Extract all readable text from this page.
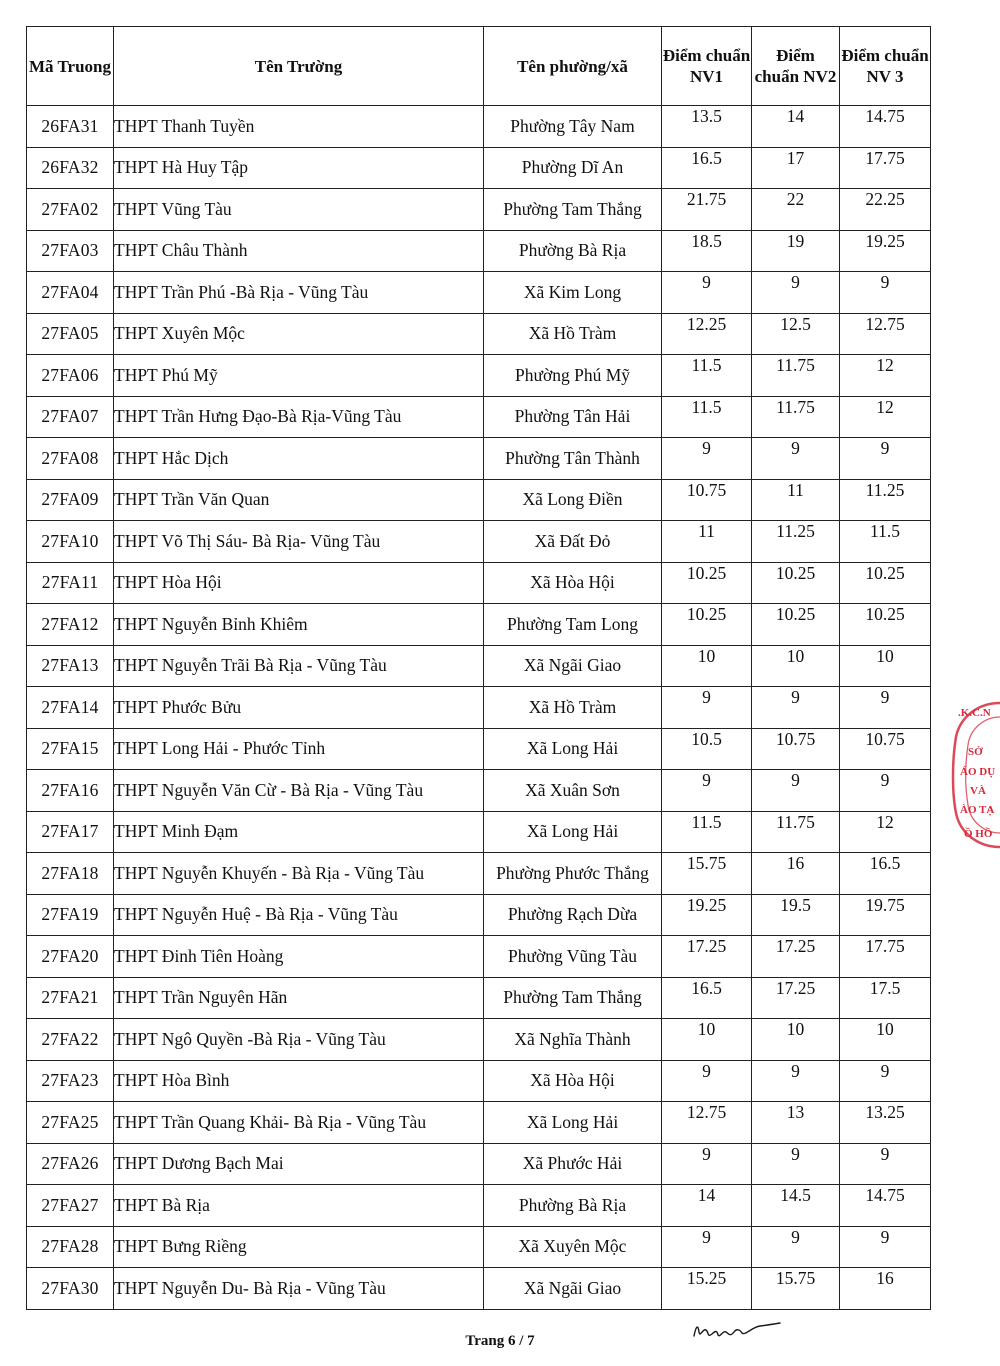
Mã Truong	Tên Trường	Tên phường/xã	Điểm chuẩn NV1	Điểm chuẩn NV2	Điểm chuẩn NV 3
26FA31	THPT Thanh Tuyền	Phường Tây Nam	13.5	14	14.75
26FA32	THPT Hà Huy Tập	Phường Dĩ An	16.5	17	17.75
27FA02	THPT Vũng Tàu	Phường Tam Thắng	21.75	22	22.25
27FA03	THPT Châu Thành	Phường Bà Rịa	18.5	19	19.25
27FA04	THPT Trần Phú -Bà Rịa - Vũng Tàu	Xã Kim Long	9	9	9
27FA05	THPT Xuyên Mộc	Xã Hồ Tràm	12.25	12.5	12.75
27FA06	THPT Phú Mỹ	Phường Phú Mỹ	11.5	11.75	12
27FA07	THPT Trần Hưng Đạo-Bà Rịa-Vũng Tàu	Phường Tân Hải	11.5	11.75	12
27FA08	THPT Hắc Dịch	Phường Tân Thành	9	9	9
27FA09	THPT Trần Văn Quan	Xã Long Điền	10.75	11	11.25
27FA10	THPT Võ Thị Sáu- Bà Rịa- Vũng Tàu	Xã Đất Đỏ	11	11.25	11.5
27FA11	THPT Hòa Hội	Xã Hòa Hội	10.25	10.25	10.25
27FA12	THPT Nguyễn Bỉnh Khiêm	Phường Tam Long	10.25	10.25	10.25
27FA13	THPT Nguyễn Trãi Bà Rịa - Vũng Tàu	Xã Ngãi Giao	10	10	10
27FA14	THPT Phước Bửu	Xã Hồ Tràm	9	9	9
27FA15	THPT Long Hải - Phước Tỉnh	Xã Long Hải	10.5	10.75	10.75
27FA16	THPT Nguyễn Văn Cừ - Bà Rịa - Vũng Tàu	Xã Xuân Sơn	9	9	9
27FA17	THPT Minh Đạm	Xã Long Hải	11.5	11.75	12
27FA18	THPT Nguyễn Khuyến - Bà Rịa - Vũng Tàu	Phường Phước Thắng	15.75	16	16.5
27FA19	THPT Nguyễn Huệ - Bà Rịa - Vũng Tàu	Phường Rạch Dừa	19.25	19.5	19.75
27FA20	THPT Đinh Tiên Hoàng	Phường Vũng Tàu	17.25	17.25	17.75
27FA21	THPT Trần Nguyên Hãn	Phường Tam Thắng	16.5	17.25	17.5
27FA22	THPT Ngô Quyền -Bà Rịa - Vũng Tàu	Xã Nghĩa Thành	10	10	10
27FA23	THPT Hòa Bình	Xã Hòa Hội	9	9	9
27FA25	THPT Trần Quang Khải- Bà Rịa - Vũng Tàu	Xã Long Hải	12.75	13	13.25
27FA26	THPT Dương Bạch Mai	Xã Phước Hải	9	9	9
27FA27	THPT Bà Rịa	Phường Bà Rịa	14	14.5	14.75
27FA28	THPT Bưng Riềng	Xã Xuyên Mộc	9	9	9
27FA30	THPT Nguyễn Du- Bà Rịa - Vũng Tàu	Xã Ngãi Giao	15.25	15.75	16
.K.C.N
SỞ
ÁO DỤ
VÀ
ÀO TẠ
Ồ HỒ
Trang 6 / 7
